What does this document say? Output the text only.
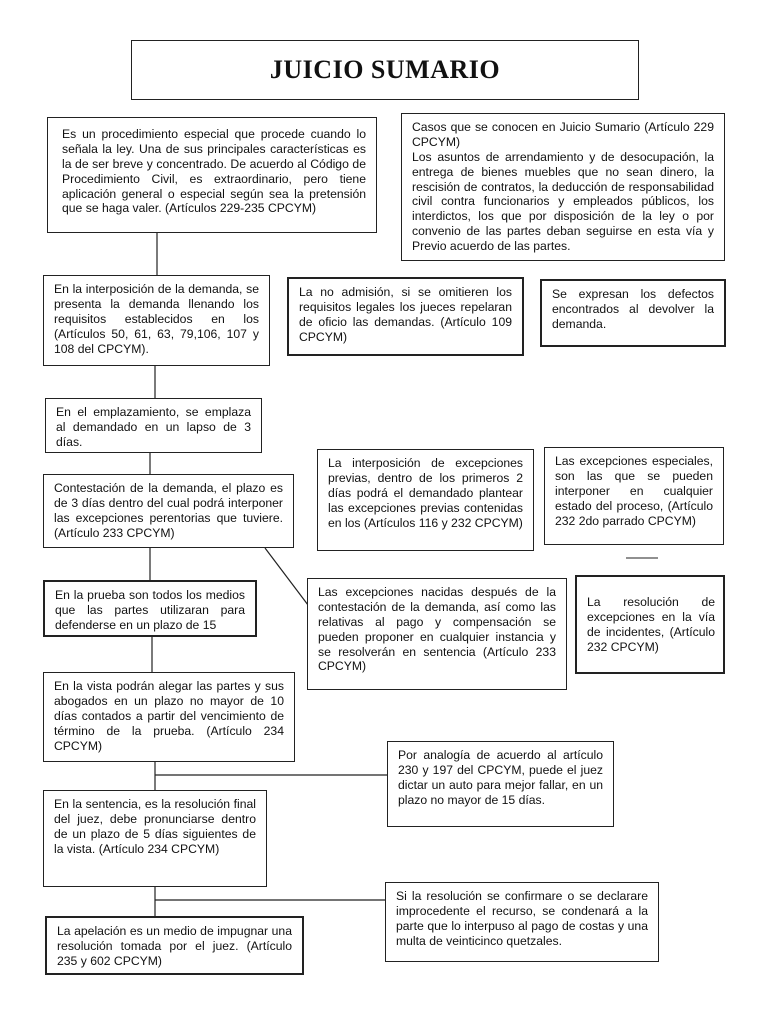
JUICIO SUMARIO
Es un procedimiento especial que procede cuando lo señala la ley. Una de sus principales características es la de ser breve y concentrado. De acuerdo al Código de Procedimiento Civil, es extraordinario, pero tiene aplicación general o especial según sea la pretensión que se haga valer. (Artículos 229-235 CPCYM)
Casos que se conocen en Juicio Sumario (Artículo 229 CPCYM)
Los asuntos de arrendamiento y de desocupación, la entrega de bienes muebles que no sean dinero, la rescisión de contratos, la deducción de responsabilidad civil contra funcionarios y empleados públicos, los interdictos, los que por disposición de la ley o por convenio de las partes deban seguirse en esta vía y Previo acuerdo de las partes.
En la interposición de la demanda, se presenta la demanda llenando los requisitos establecidos en los (Artículos 50, 61, 63, 79,106, 107 y 108 del CPCYM).
La no admisión, si se omitieren los requisitos legales los jueces repelaran de oficio las demandas. (Artículo 109 CPCYM)
Se expresan los defectos encontrados al devolver la demanda.
En el emplazamiento, se emplaza al demandado en un lapso de 3 días.
Contestación de la demanda, el plazo es de 3 días dentro del cual podrá interponer las excepciones perentorias que tuviere. (Artículo 233 CPCYM)
La interposición de excepciones previas, dentro de los primeros 2 días podrá el demandado plantear las excepciones previas contenidas en los (Artículos 116 y 232 CPCYM)
Las excepciones especiales, son las que se pueden interponer en cualquier estado del proceso, (Artículo 232 2do parrado CPCYM)
En la prueba son todos los medios que las partes utilizaran para defenderse en un plazo de 15
Las excepciones nacidas después de la contestación de la demanda, así como las relativas al pago y compensación se pueden proponer en cualquier instancia y se resolverán en sentencia (Artículo 233 CPCYM)
La resolución de excepciones en la vía de incidentes, (Artículo 232 CPCYM)
En la vista podrán alegar las partes y sus abogados en un plazo no mayor de 10 días contados a partir del vencimiento de término de la prueba. (Artículo 234 CPCYM)
Por analogía de acuerdo al artículo 230 y 197 del CPCYM, puede el juez dictar un auto para mejor fallar, en un plazo no mayor de 15 días.
En la sentencia, es la resolución final del juez, debe pronunciarse dentro de un plazo de 5 días siguientes de la vista. (Artículo 234 CPCYM)
Si la resolución se confirmare o se declarare improcedente el recurso, se condenará a la parte que lo interpuso al pago de costas y una multa de veinticinco quetzales.
La apelación es un medio de impugnar una resolución tomada por el juez. (Artículo 235 y 602 CPCYM)
